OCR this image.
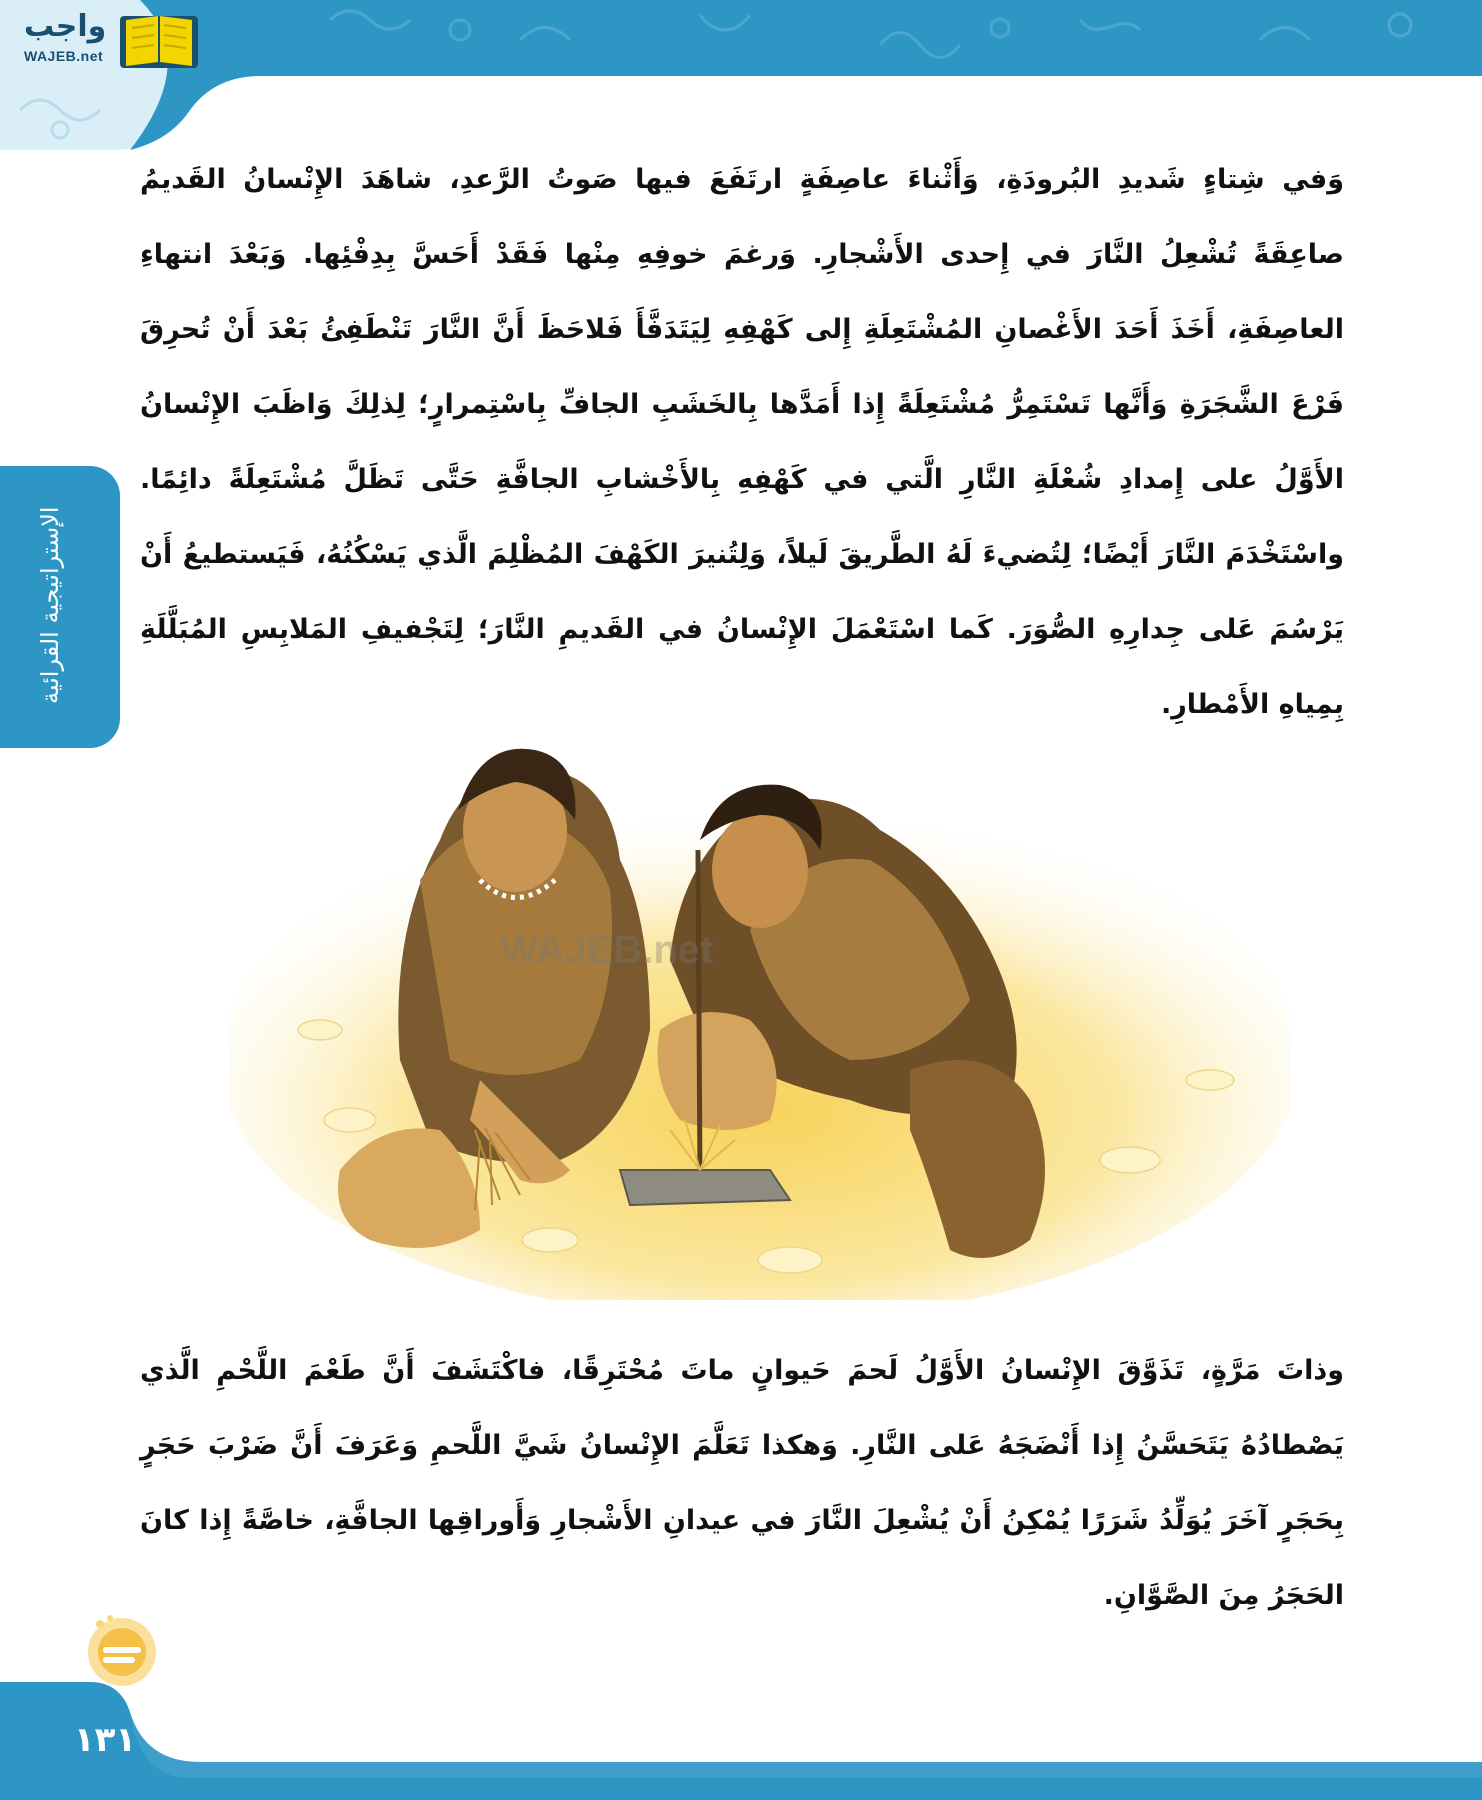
واجب
WAJEB.net
الإستراتيجية القرائية

وَفي شِتاءٍ شَديدِ البُرودَةِ، وَأَثْناءَ عاصِفَةٍ ارتَفَعَ فيها صَوتُ الرَّعدِ، شاهَدَ الإِنْسانُ القَديمُ صاعِقَةً تُشْعِلُ النَّارَ في إِحدى الأَشْجارِ. وَرغمَ خوفِهِ مِنْها فَقَدْ أَحَسَّ بِدِفْئِها. وَبَعْدَ انتهاءِ العاصِفَةِ، أَخَذَ أَحَدَ الأَغْصانِ المُشْتَعِلَةِ إِلى كَهْفِهِ لِيَتَدَفَّأَ فَلاحَظَ أَنَّ النَّارَ تَنْطَفِئُ بَعْدَ أَنْ تُحرِقَ فَرْعَ الشَّجَرَةِ وَأَنَّها تَسْتَمِرُّ مُشْتَعِلَةً إِذا أَمَدَّها بِالخَشَبِ الجافِّ بِاسْتِمرارٍ؛ لِذلِكَ وَاظَبَ الإِنْسانُ الأَوَّلُ على إِمدادِ شُعْلَةِ النَّارِ الَّتي في كَهْفِهِ بِالأَخْشابِ الجافَّةِ حَتَّى تَظَلَّ مُشْتَعِلَةً دائِمًا. واسْتَخْدَمَ النَّارَ أَيْضًا؛ لِتُضيءَ لَهُ الطَّريقَ لَيلاً، وَلِتُنيرَ الكَهْفَ المُظْلِمَ الَّذي يَسْكُنُهُ، فَيَستطيعُ أَنْ يَرْسُمَ عَلى جِدارِهِ الصُّوَرَ. كَما اسْتَعْمَلَ الإِنْسانُ في القَديمِ النَّارَ؛ لِتَجْفيفِ المَلابِسِ المُبَلَّلَةِ بِمِياهِ الأَمْطارِ.

WAJEB.net

وذاتَ مَرَّةٍ، تَذَوَّقَ الإِنْسانُ الأَوَّلُ لَحمَ حَيوانٍ ماتَ مُحْتَرِقًا، فاكْتَشَفَ أَنَّ طَعْمَ اللَّحْمِ الَّذي يَصْطادُهُ يَتَحَسَّنُ إِذا أَنْضَجَهُ عَلى النَّارِ. وَهكذا تَعَلَّمَ الإِنْسانُ شَيَّ اللَّحمِ وَعَرَفَ أَنَّ ضَرْبَ حَجَرٍ بِحَجَرٍ آخَرَ يُوَلِّدُ شَرَرًا يُمْكِنُ أَنْ يُشْعِلَ النَّارَ في عيدانِ الأَشْجارِ وَأَوراقِها الجافَّةِ، خاصَّةً إِذا كانَ الحَجَرُ مِنَ الصَّوَّانِ.

١٣١
